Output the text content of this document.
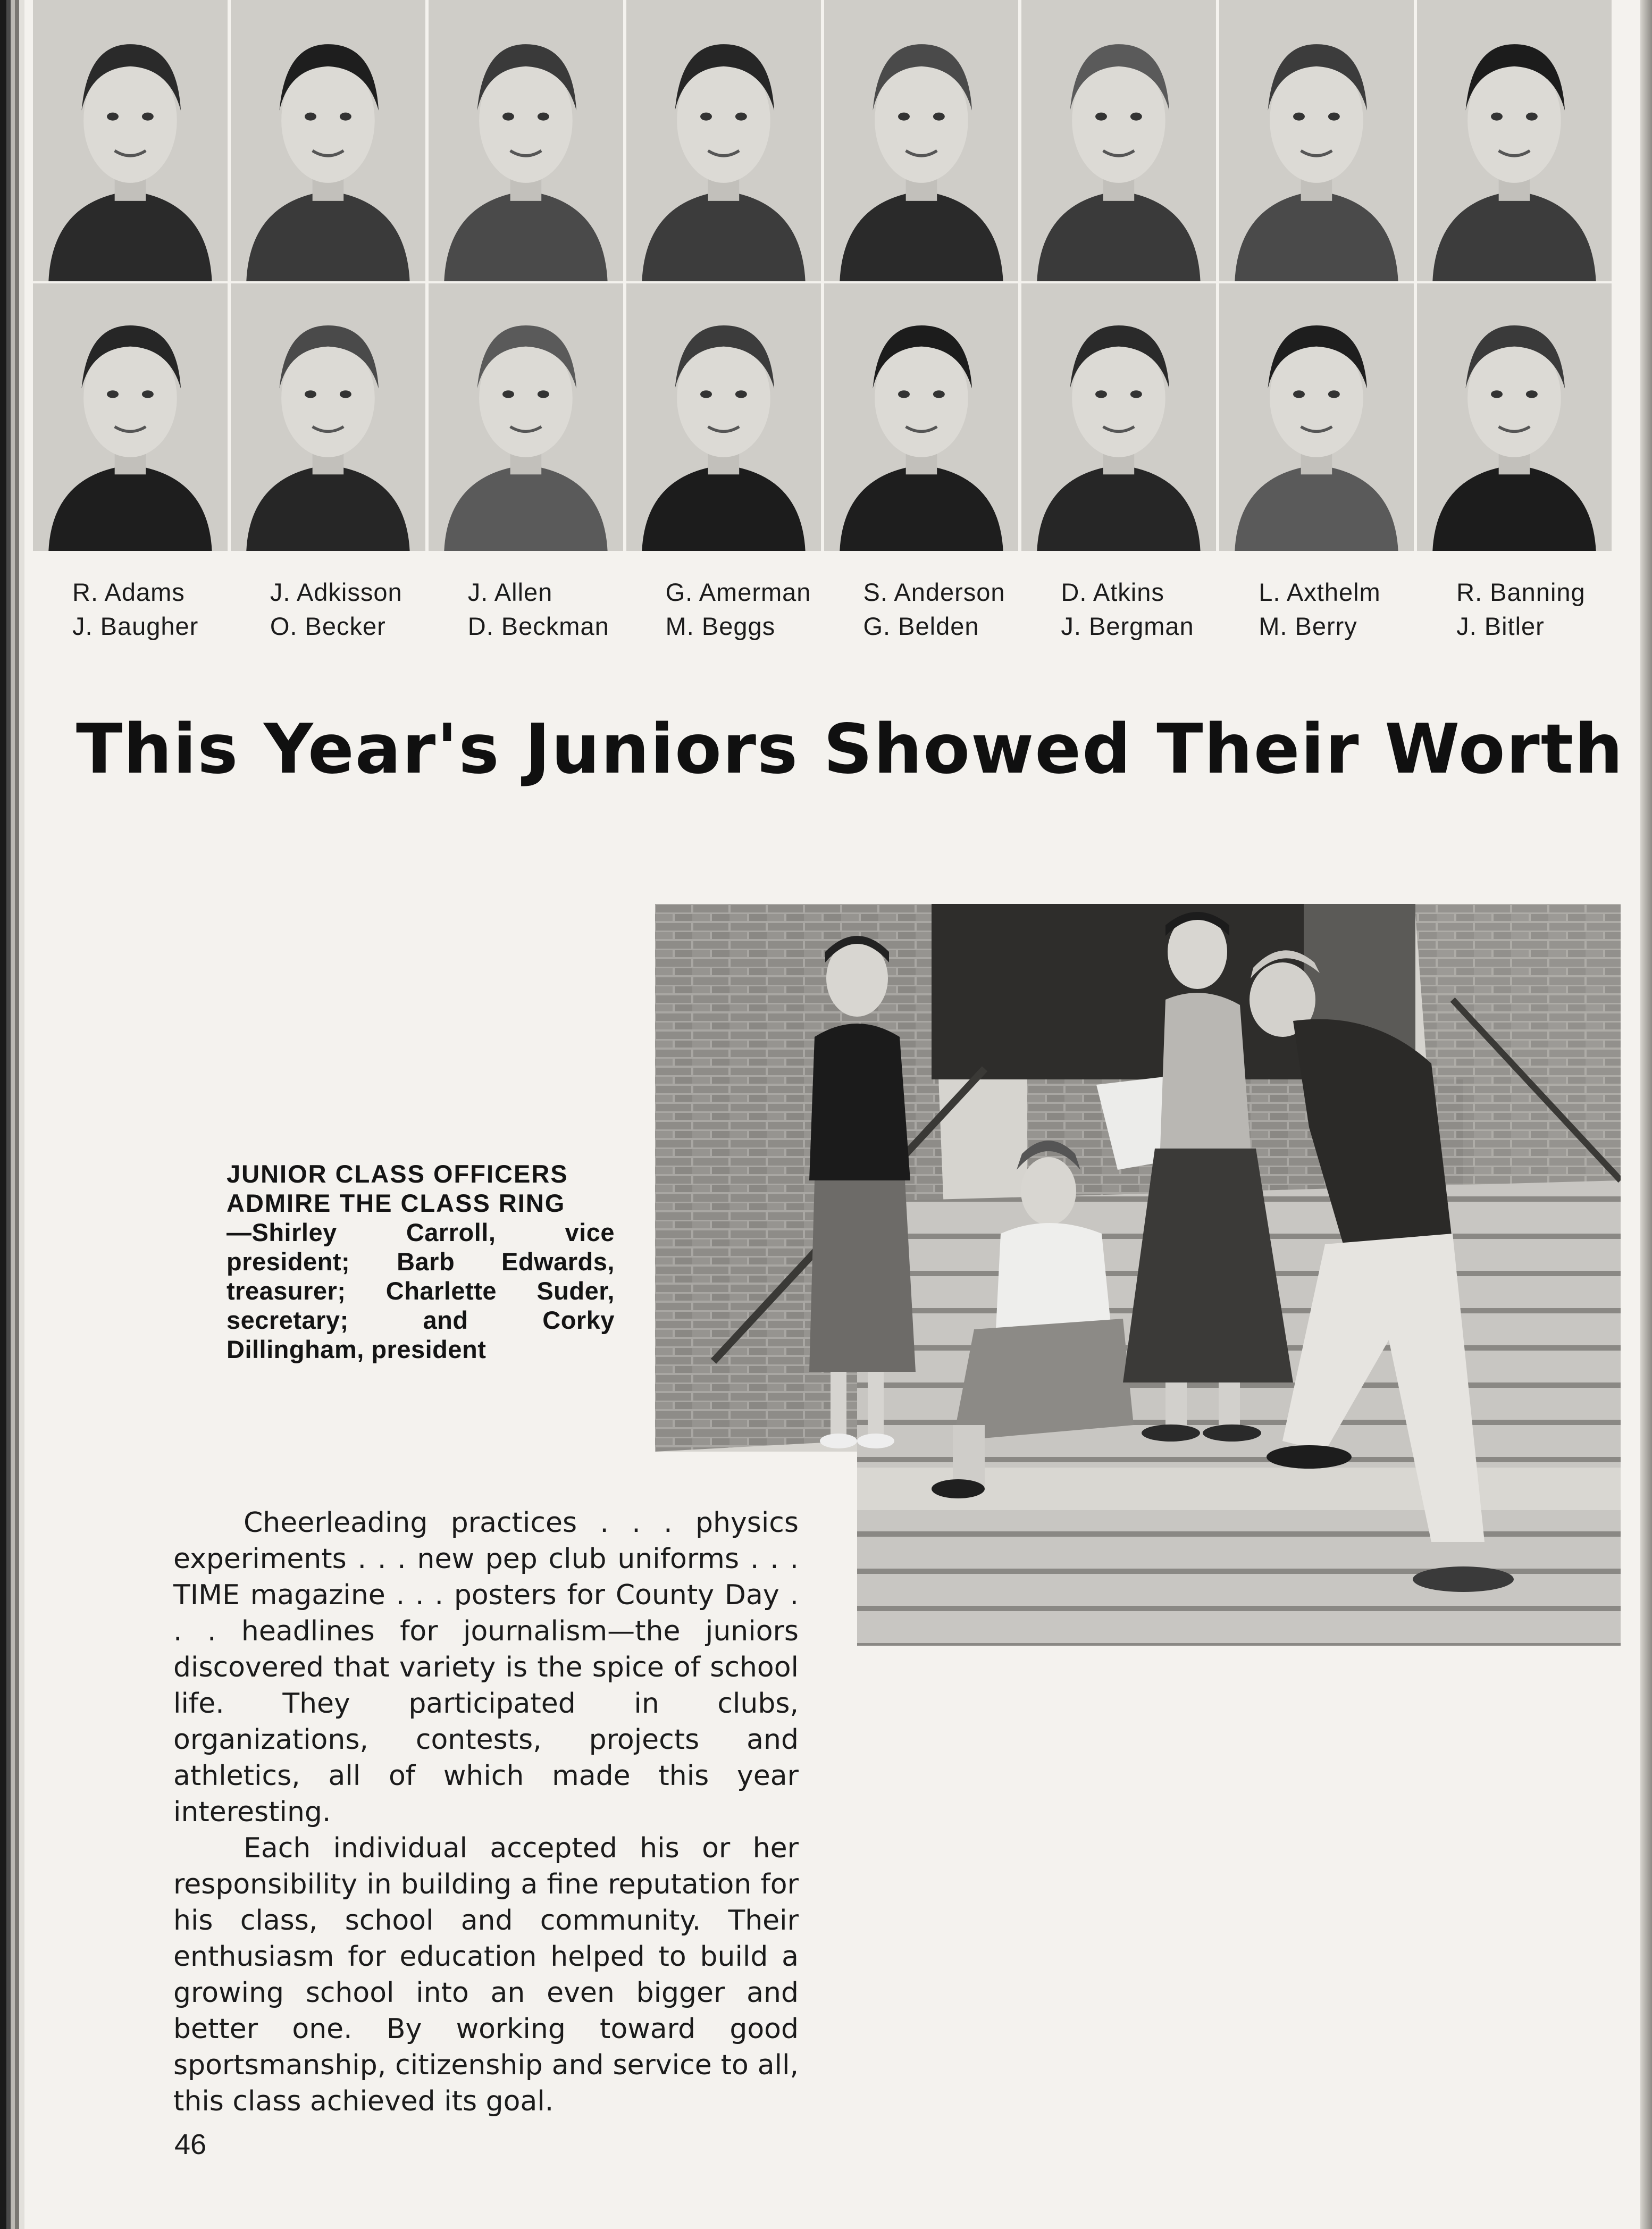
R. Adams
J. Baugher
J. Adkisson
O. Becker
J. Allen
D. Beckman
G. Amerman
M. Beggs
S. Anderson
G. Belden
D. Atkins
J. Bergman
L. Axthelm
M. Berry
R. Banning
J. Bitler
This Year's Juniors Showed Their Worth
JUNIOR CLASS OFFICERS
ADMIRE THE CLASS RING
—Shirley Carroll, vice president; Barb Edwards, treasurer; Charlette Suder, secretary; and Corky Dillingham, president

Cheerleading practices . . . physics experiments . . . new pep club uniforms . . . TIME magazine . . . posters for County Day . . . headlines for journalism—the juniors discovered that variety is the spice of school life. They participated in clubs, organizations, contests, projects and athletics, all of which made this year interesting.

Each individual accepted his or her responsibility in building a fine reputation for his class, school and community. Their enthusiasm for education helped to build a growing school into an even bigger and better one. By working toward good sportsmanship, citizenship and service to all, this class achieved its goal.

46
